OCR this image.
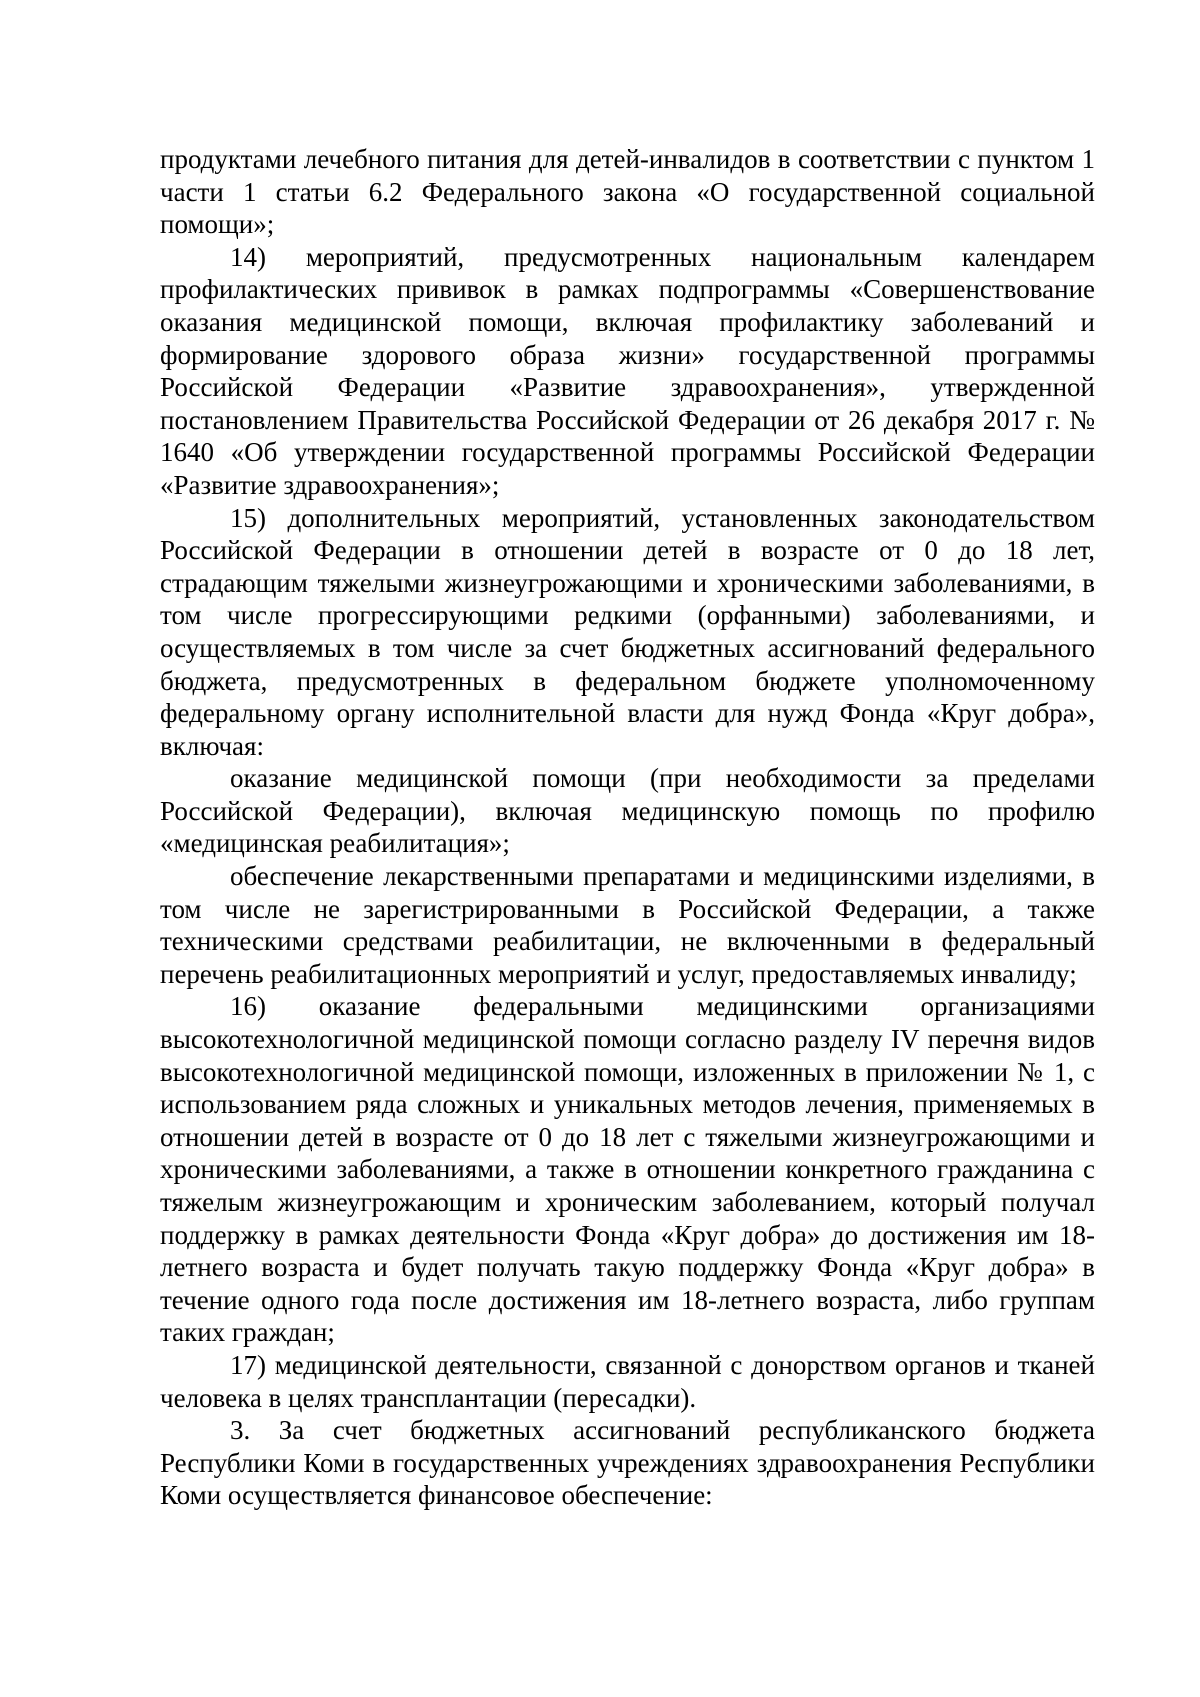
продуктами лечебного питания для детей-инвалидов в соответствии с пунктом 1 части 1 статьи 6.2 Федерального закона «О государственной социальной помощи»;

14) мероприятий, предусмотренных национальным календарем профилактических прививок в рамках подпрограммы «Совершенствование оказания медицинской помощи, включая профилактику заболеваний и формирование здорового образа жизни» государственной программы Российской Федерации «Развитие здравоохранения», утвержденной постановлением Правительства Российской Федерации от 26 декабря 2017 г. № 1640 «Об утверждении государственной программы Российской Федерации «Развитие здравоохранения»;

15) дополнительных мероприятий, установленных законодательством Российской Федерации в отношении детей в возрасте от 0 до 18 лет, страдающим тяжелыми жизнеугрожающими и хроническими заболеваниями, в том числе прогрессирующими редкими (орфанными) заболеваниями, и осуществляемых в том числе за счет бюджетных ассигнований федерального бюджета, предусмотренных в федеральном бюджете уполномоченному федеральному органу исполнительной власти для нужд Фонда «Круг добра», включая:

оказание медицинской помощи (при необходимости за пределами Российской Федерации), включая медицинскую помощь по профилю «медицинская реабилитация»;

обеспечение лекарственными препаратами и медицинскими изделиями, в том числе не зарегистрированными в Российской Федерации, а также техническими средствами реабилитации, не включенными в федеральный перечень реабилитационных мероприятий и услуг, предоставляемых инвалиду;

16) оказание федеральными медицинскими организациями высокотехнологичной медицинской помощи согласно разделу IV перечня видов высокотехнологичной медицинской помощи, изложенных в приложении № 1, с использованием ряда сложных и уникальных методов лечения, применяемых в отношении детей в возрасте от 0 до 18 лет с тяжелыми жизнеугрожающими и хроническими заболеваниями, а также в отношении конкретного гражданина с тяжелым жизнеугрожающим и хроническим заболеванием, который получал поддержку в рамках деятельности Фонда «Круг добра» до достижения им 18-летнего возраста и будет получать такую поддержку Фонда «Круг добра» в течение одного года после достижения им 18-летнего возраста, либо группам таких граждан;

17) медицинской деятельности, связанной с донорством органов и тканей человека в целях трансплантации (пересадки).

3. За счет бюджетных ассигнований республиканского бюджета Республики Коми в государственных учреждениях здравоохранения Республики Коми осуществляется финансовое обеспечение:
